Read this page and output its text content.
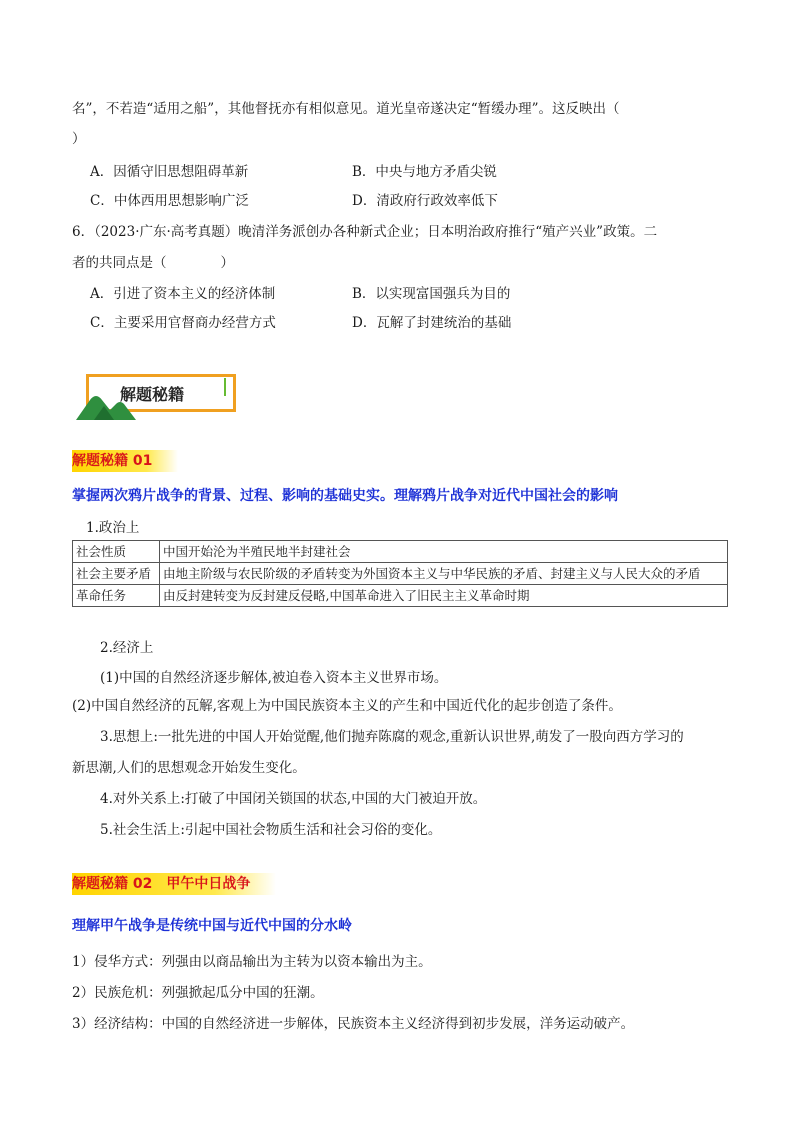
名”，不若造“适用之船”，其他督抚亦有相似意见。道光皇帝遂决定“暂缓办理”。这反映出（
）
A．因循守旧思想阻碍革新	B．中央与地方矛盾尖锐
C．中体西用思想影响广泛	D．清政府行政效率低下
6．（2023·广东·高考真题）晚清洋务派创办各种新式企业；日本明治政府推行“殖产兴业”政策。二
者的共同点是（　　　　）
A．引进了资本主义的经济体制	B．以实现富国强兵为目的
C．主要采用官督商办经营方式	D．瓦解了封建统治的基础
解题秘籍
解题秘籍 01
掌握两次鸦片战争的背景、过程、影响的基础史实。理解鸦片战争对近代中国社会的影响
1.政治上
社会性质	中国开始沦为半殖民地半封建社会
社会主要矛盾	由地主阶级与农民阶级的矛盾转变为外国资本主义与中华民族的矛盾、封建主义与人民大众的矛盾
革命任务	由反封建转变为反封建反侵略,中国革命进入了旧民主主义革命时期
2.经济上
(1)中国的自然经济逐步解体,被迫卷入资本主义世界市场。
(2)中国自然经济的瓦解,客观上为中国民族资本主义的产生和中国近代化的起步创造了条件。
3.思想上:一批先进的中国人开始觉醒,他们抛弃陈腐的观念,重新认识世界,萌发了一股向西方学习的
新思潮,人们的思想观念开始发生变化。
4.对外关系上:打破了中国闭关锁国的状态,中国的大门被迫开放。
5.社会生活上:引起中国社会物质生活和社会习俗的变化。
解题秘籍 02　甲午中日战争
理解甲午战争是传统中国与近代中国的分水岭
1）侵华方式：列强由以商品输出为主转为以资本输出为主。
2）民族危机：列强掀起瓜分中国的狂潮。
3）经济结构：中国的自然经济进一步解体，民族资本主义经济得到初步发展，洋务运动破产。
